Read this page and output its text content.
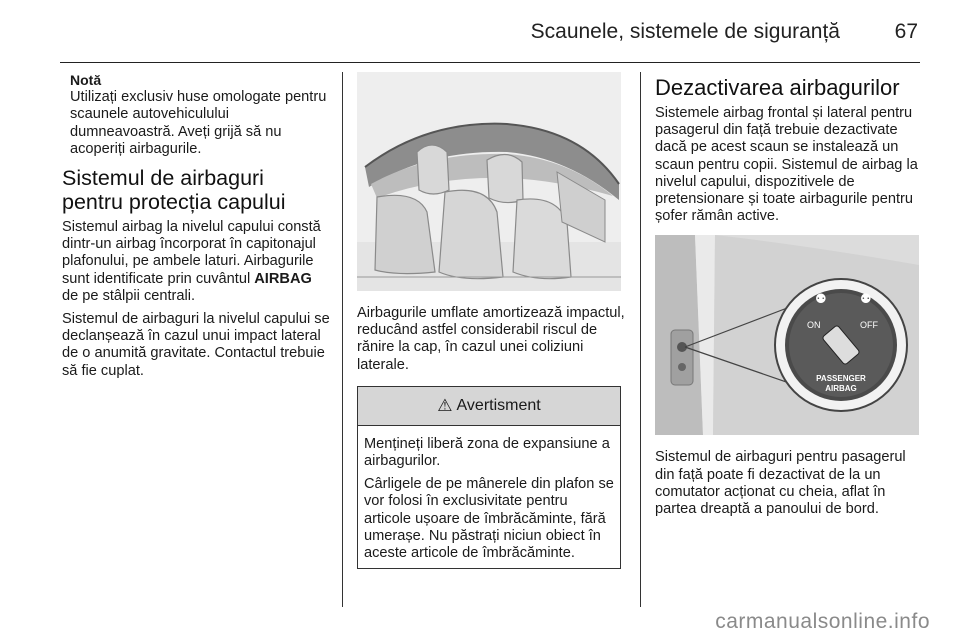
Scaunele, sistemele de siguranță	67
Notă

Utilizați exclusiv huse omologate pentru scaunele autovehiculului dumneavoastră. Aveți grijă să nu acoperiți airbagurile.

Sistemul de airbaguri pentru protecția capului

Sistemul airbag la nivelul capului constă dintr-un airbag încorporat în capitonajul plafonului, pe ambele laturi. Airbagurile sunt identificate prin cuvântul AIRBAG de pe stâlpii centrali.

Sistemul de airbaguri la nivelul capului se declanșează în cazul unui impact lateral de o anumită gravitate. Contactul trebuie să fie cuplat.

Airbagurile umflate amortizează impactul, reducând astfel considerabil riscul de rănire la cap, în cazul unei coliziuni laterale.

⚠ Avertisment

Mențineți liberă zona de expansiune a airbagurilor.

Cârligele de pe mânerele din plafon se vor folosi în exclusivitate pentru articole ușoare de îmbrăcăminte, fără umerașe. Nu păstrați niciun obiect în aceste articole de îmbrăcăminte.

Dezactivarea airbagurilor

Sistemele airbag frontal și lateral pentru pasagerul din față trebuie dezactivate dacă pe acest scaun se instalează un scaun pentru copii. Sistemul de airbag la nivelul capului, dispozitivele de pretensionare și toate airbagurile pentru șofer rămân active.

⚉
ON
⚉
OFF
PASSENGER
AIRBAG

Sistemul de airbaguri pentru pasagerul din față poate fi dezactivat de la un comutator acționat cu cheia, aflat în partea dreaptă a panoului de bord.

carmanualsonline.info
